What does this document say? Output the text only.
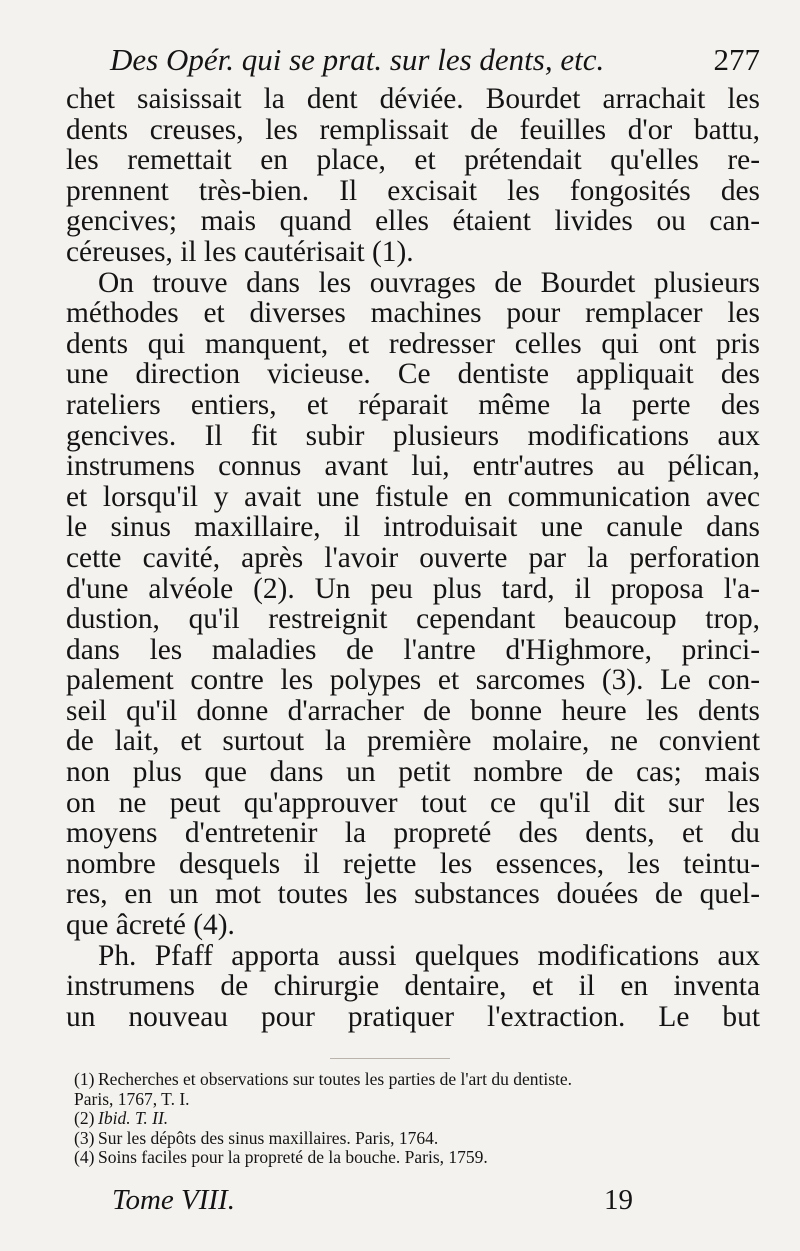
Des Opér. qui se prat. sur les dents, etc.	277
chet saisissait la dent déviée. Bourdet arrachait les
dents creuses, les remplissait de feuilles d'or battu,
les remettait en place, et prétendait qu'elles re-
prennent très-bien. Il excisait les fongosités des
gencives; mais quand elles étaient livides ou can-
céreuses, il les cautérisait (1).
On trouve dans les ouvrages de Bourdet plusieurs
méthodes et diverses machines pour remplacer les
dents qui manquent, et redresser celles qui ont pris
une direction vicieuse. Ce dentiste appliquait des
rateliers entiers, et réparait même la perte des
gencives. Il fit subir plusieurs modifications aux
instrumens connus avant lui, entr'autres au pélican,
et lorsqu'il y avait une fistule en communication avec
le sinus maxillaire, il introduisait une canule dans
cette cavité, après l'avoir ouverte par la perforation
d'une alvéole (2). Un peu plus tard, il proposa l'a-
dustion, qu'il restreignit cependant beaucoup trop,
dans les maladies de l'antre d'Highmore, princi-
palement contre les polypes et sarcomes (3). Le con-
seil qu'il donne d'arracher de bonne heure les dents
de lait, et surtout la première molaire, ne convient
non plus que dans un petit nombre de cas; mais
on ne peut qu'approuver tout ce qu'il dit sur les
moyens d'entretenir la propreté des dents, et du
nombre desquels il rejette les essences, les teintu-
res, en un mot toutes les substances douées de quel-
que âcreté (4).
Ph. Pfaff apporta aussi quelques modifications aux
instrumens de chirurgie dentaire, et il en inventa
un nouveau pour pratiquer l'extraction. Le but
(1) Recherches et observations sur toutes les parties de l'art du dentiste.
Paris, 1767, T. I.
(2) Ibid. T. II.
(3) Sur les dépôts des sinus maxillaires. Paris, 1764.
(4) Soins faciles pour la propreté de la bouche. Paris, 1759.
Tome VIII.	19
